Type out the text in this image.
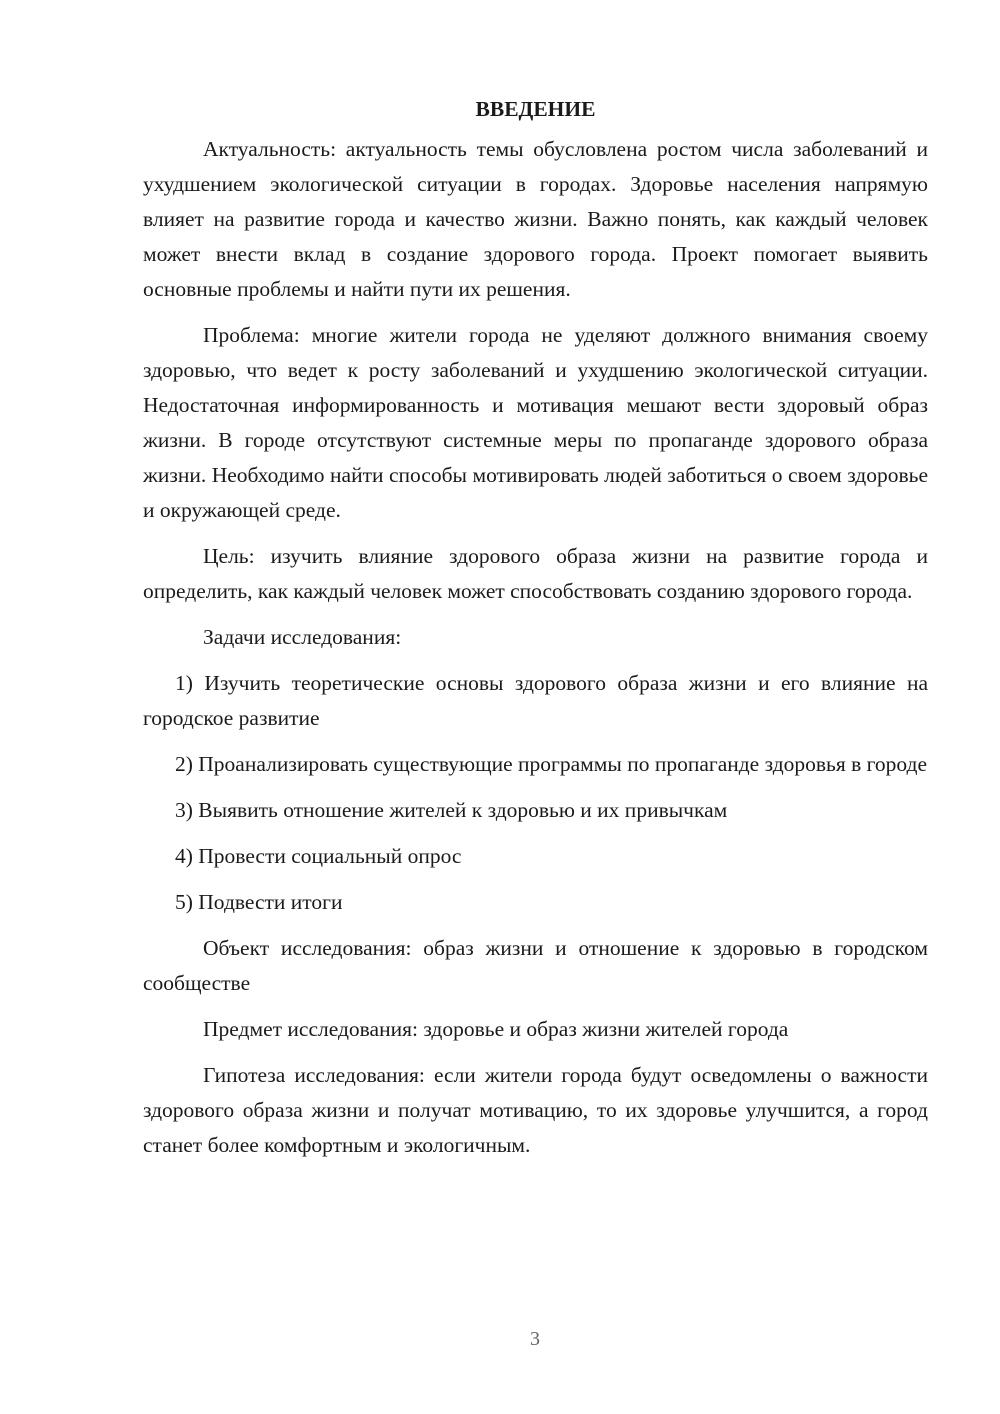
ВВЕДЕНИЕ

Актуальность: актуальность темы обусловлена ростом числа заболеваний и ухудшением экологической ситуации в городах. Здоровье населения напрямую влияет на развитие города и качество жизни. Важно понять, как каждый человек может внести вклад в создание здорового города. Проект помогает выявить основные проблемы и найти пути их решения.

Проблема: многие жители города не уделяют должного внимания своему здоровью, что ведет к росту заболеваний и ухудшению экологической ситуации. Недостаточная информированность и мотивация мешают вести здоровый образ жизни. В городе отсутствуют системные меры по пропаганде здорового образа жизни. Необходимо найти способы мотивировать людей заботиться о своем здоровье и окружающей среде.

Цель: изучить влияние здорового образа жизни на развитие города и определить, как каждый человек может способствовать созданию здорового города.

Задачи исследования:

1) Изучить теоретические основы здорового образа жизни и его влияние на городское развитие

2) Проанализировать существующие программы по пропаганде здоровья в городе

3) Выявить отношение жителей к здоровью и их привычкам

4) Провести социальный опрос

5) Подвести итоги

Объект исследования: образ жизни и отношение к здоровью в городском сообществе

Предмет исследования: здоровье и образ жизни жителей города

Гипотеза исследования: если жители города будут осведомлены о важности здорового образа жизни и получат мотивацию, то их здоровье улучшится, а город станет более комфортным и экологичным.

3
